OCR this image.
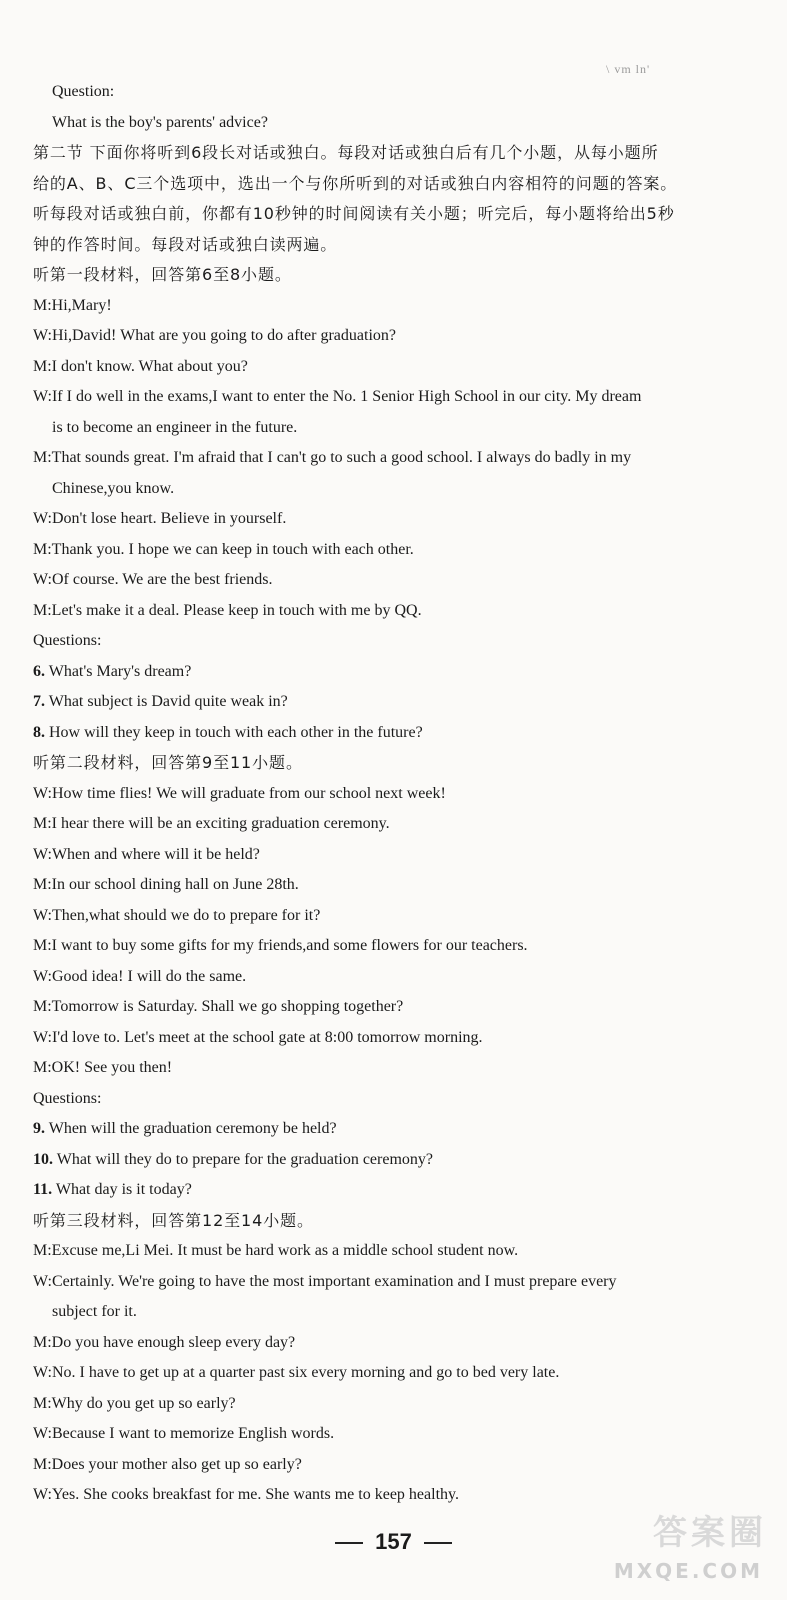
\ vm ln'
Question:
What is the boy's parents' advice?
第二节 下面你将听到6段长对话或独白。每段对话或独白后有几个小题，从每小题所
给的A、B、C三个选项中，选出一个与你所听到的对话或独白内容相符的问题的答案。
听每段对话或独白前，你都有10秒钟的时间阅读有关小题；听完后，每小题将给出5秒
钟的作答时间。每段对话或独白读两遍。
听第一段材料，回答第6至8小题。
M:Hi,Mary!
W:Hi,David! What are you going to do after graduation?
M:I don't know. What about you?
W:If I do well in the exams,I want to enter the No. 1 Senior High School in our city. My dream
is to become an engineer in the future.
M:That sounds great. I'm afraid that I can't go to such a good school. I always do badly in my
Chinese,you know.
W:Don't lose heart. Believe in yourself.
M:Thank you. I hope we can keep in touch with each other.
W:Of course. We are the best friends.
M:Let's make it a deal. Please keep in touch with me by QQ.
Questions:
6. What's Mary's dream?
7. What subject is David quite weak in?
8. How will they keep in touch with each other in the future?
听第二段材料，回答第9至11小题。
W:How time flies! We will graduate from our school next week!
M:I hear there will be an exciting graduation ceremony.
W:When and where will it be held?
M:In our school dining hall on June 28th.
W:Then,what should we do to prepare for it?
M:I want to buy some gifts for my friends,and some flowers for our teachers.
W:Good idea! I will do the same.
M:Tomorrow is Saturday. Shall we go shopping together?
W:I'd love to. Let's meet at the school gate at 8:00 tomorrow morning.
M:OK! See you then!
Questions:
9. When will the graduation ceremony be held?
10. What will they do to prepare for the graduation ceremony?
11. What day is it today?
听第三段材料，回答第12至14小题。
M:Excuse me,Li Mei. It must be hard work as a middle school student now.
W:Certainly. We're going to have the most important examination and I must prepare every
subject for it.
M:Do you have enough sleep every day?
W:No. I have to get up at a quarter past six every morning and go to bed very late.
M:Why do you get up so early?
W:Because I want to memorize English words.
M:Does your mother also get up so early?
W:Yes. She cooks breakfast for me. She wants me to keep healthy.
157	答案圈
MXQE.COM
